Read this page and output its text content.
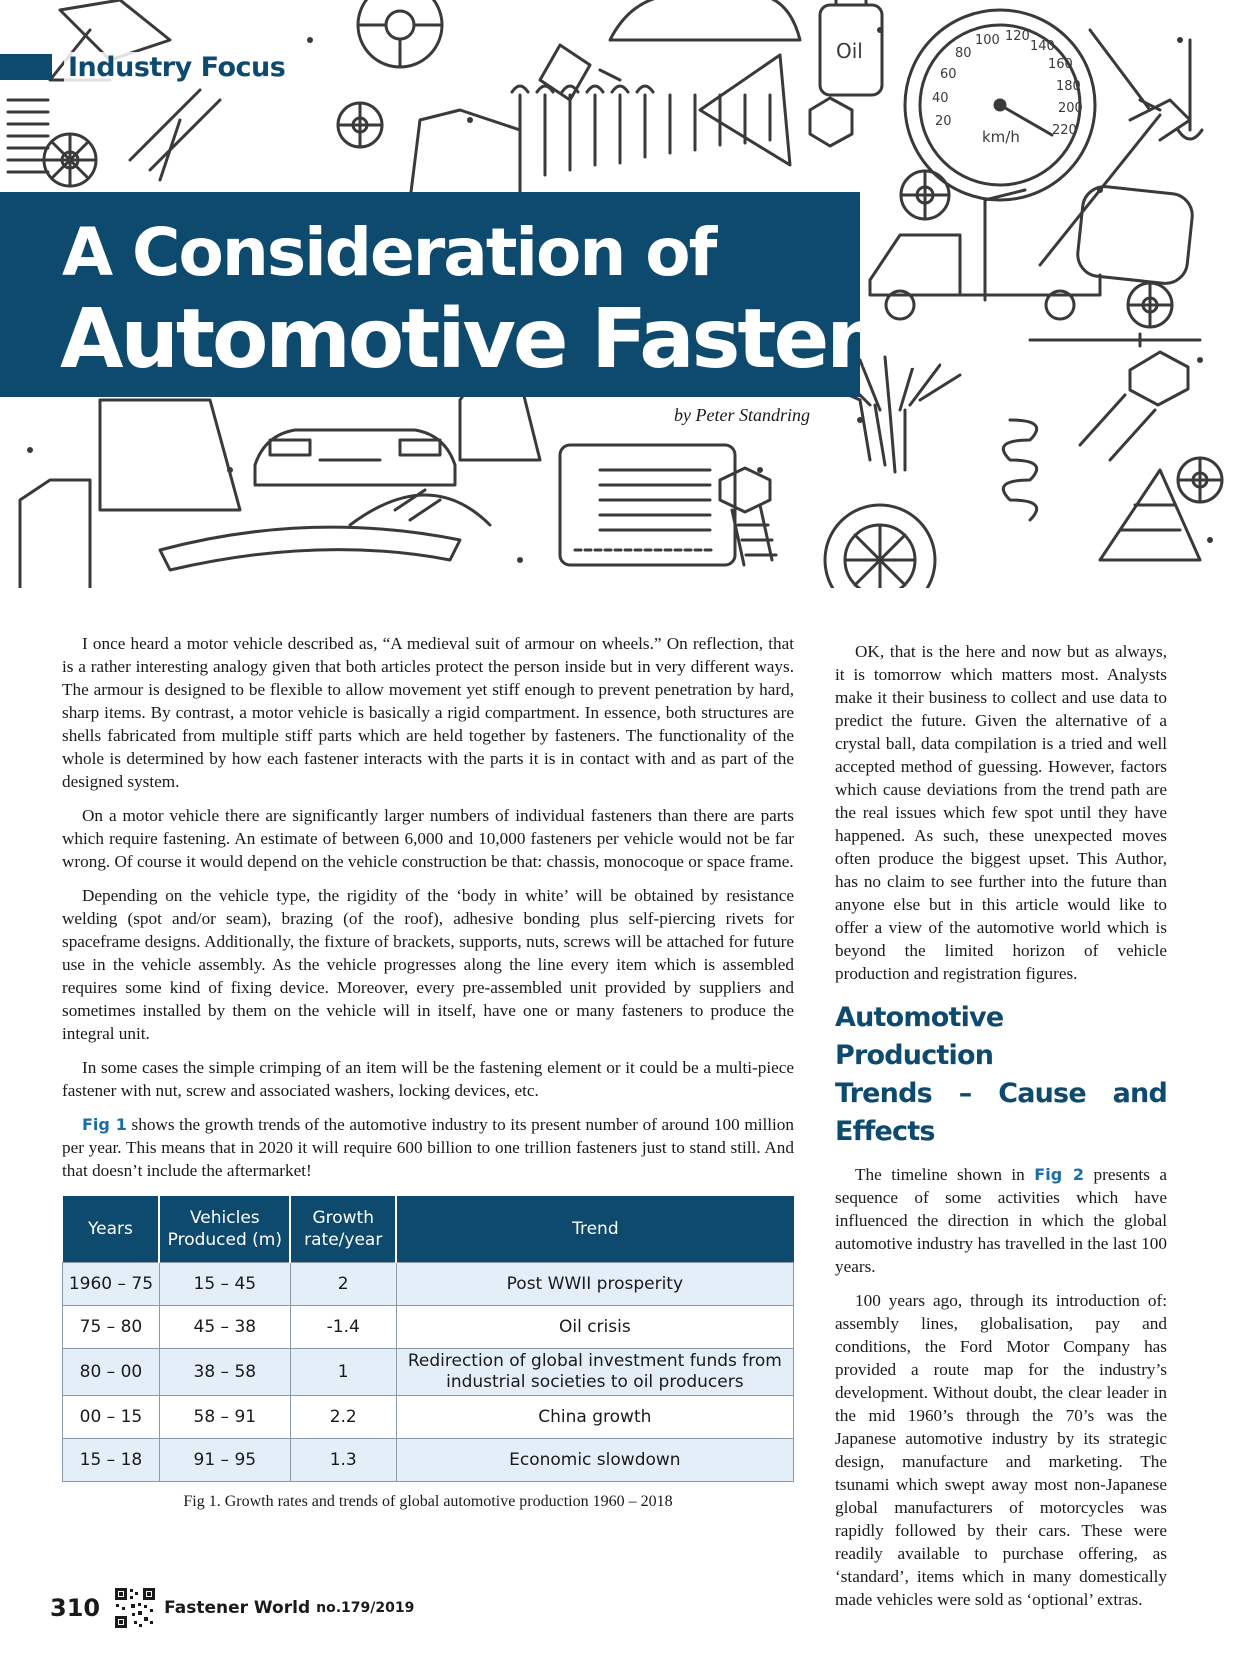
Oil
20
40
60
80
100 120
140
160
180
200
220
km/h
Industry Focus
A Consideration of
Automotive Fasteners
by Peter Standring

I once heard a motor vehicle described as, “A medieval suit of armour on wheels.” On reflection, that is a rather interesting analogy given that both articles protect the person inside but in very different ways. The armour is designed to be flexible to allow movement yet stiff enough to prevent penetration by hard, sharp items. By contrast, a motor vehicle is basically a rigid compartment. In essence, both structures are shells fabricated from multiple stiff parts which are held together by fasteners. The functionality of the whole is determined by how each fastener interacts with the parts it is in contact with and as part of the designed system.

On a motor vehicle there are significantly larger numbers of individual fasteners than there are parts which require fastening. An estimate of between 6,000 and 10,000 fasteners per vehicle would not be far wrong. Of course it would depend on the vehicle construction be that: chassis, monocoque or space frame.

Depending on the vehicle type, the rigidity of the ‘body in white’ will be obtained by resistance welding (spot and/or seam), brazing (of the roof), adhesive bonding plus self-piercing rivets for spaceframe designs. Additionally, the fixture of brackets, supports, nuts, screws will be attached for future use in the vehicle assembly. As the vehicle progresses along the line every item which is assembled requires some kind of fixing device. Moreover, every pre-assembled unit provided by suppliers and sometimes installed by them on the vehicle will in itself, have one or many fasteners to produce the integral unit.

In some cases the simple crimping of an item will be the fastening element or it could be a multi-piece fastener with nut, screw and associated washers, locking devices, etc.

Fig 1 shows the growth trends of the automotive industry to its present number of around 100 million per year. This means that in 2020 it will require 600 billion to one trillion fasteners just to stand still. And that doesn’t include the aftermarket!

Years	Vehicles Produced (m)	Growth rate/year	Trend
1960 – 75	15 – 45	2	Post WWII prosperity
75 – 80	45 – 38	-1.4	Oil crisis
80 – 00	38 – 58	1	Redirection of global investment funds from industrial societies to oil producers
00 – 15	58 – 91	2.2	China growth
15 – 18	91 – 95	1.3	Economic slowdown
Fig 1. Growth rates and trends of global automotive production 1960 – 2018

OK, that is the here and now but as always, it is tomorrow which matters most. Analysts make it their business to collect and use data to predict the future. Given the alternative of a crystal ball, data compilation is a tried and well accepted method of guessing. However, factors which cause deviations from the trend path are the real issues which few spot until they have happened. As such, these unexpected moves often produce the biggest upset. This Author, has no claim to see further into the future than anyone else but in this article would like to offer a view of the automotive world which is beyond the limited horizon of vehicle production and registration figures.

Automotive Production
Trends – Cause and Effects

The timeline shown in Fig 2 presents a sequence of some activities which have influenced the direction in which the global automotive industry has travelled in the last 100 years.

100 years ago, through its introduction of: assembly lines, globalisation, pay and conditions, the Ford Motor Company has provided a route map for the industry’s development. Without doubt, the clear leader in the mid 1960’s through the 70’s was the Japanese automotive industry by its strategic design, manufacture and marketing. The tsunami which swept away most non-Japanese global manufacturers of motorcycles was rapidly followed by their cars. These were readily available to purchase offering, as ‘standard’, items which in many domestically made vehicles were sold as ‘optional’ extras.

310	Fastener World no.179/2019
